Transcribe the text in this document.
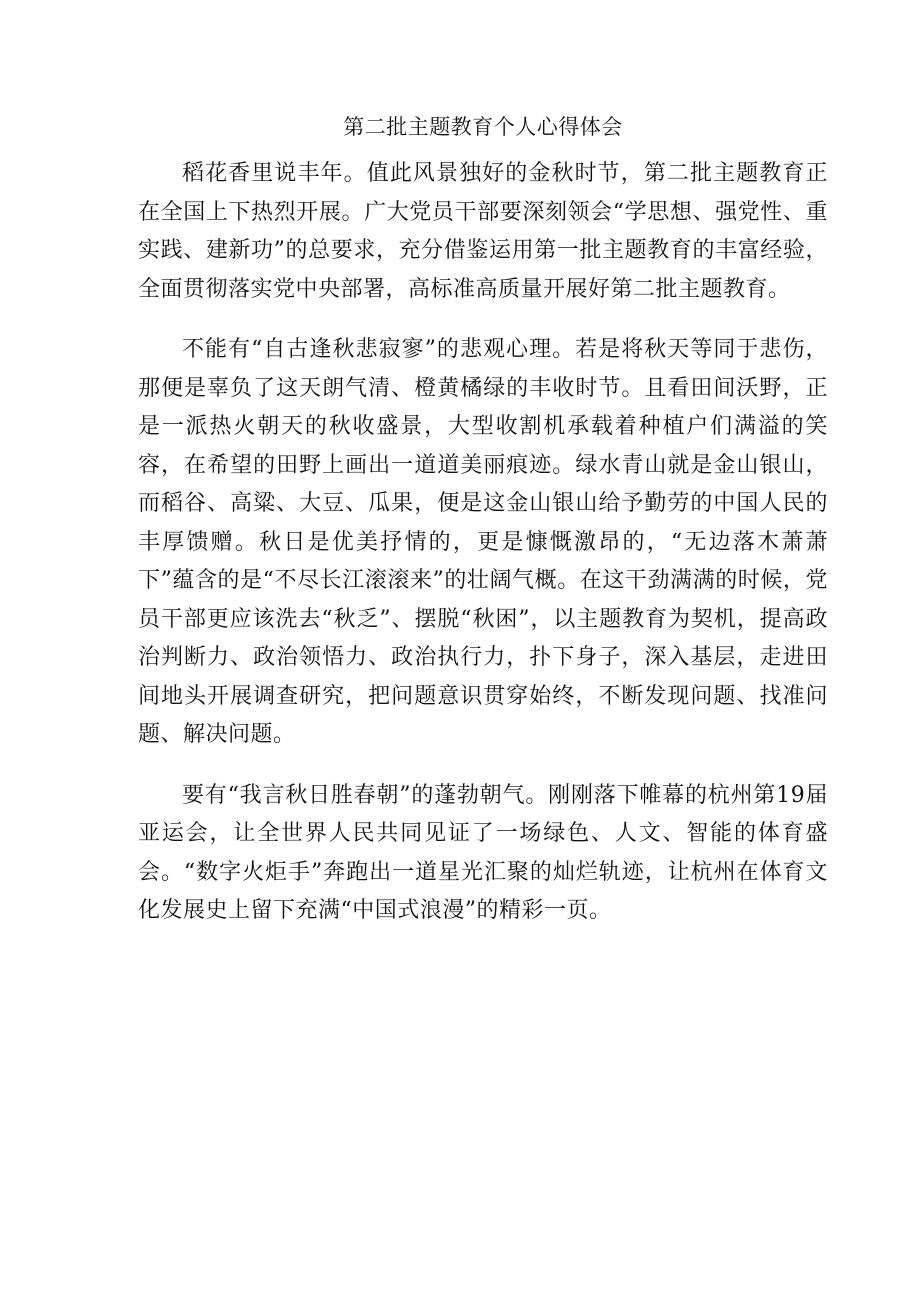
第二批主题教育个人心得体会

稻花香里说丰年。值此风景独好的金秋时节，第二批主题教育正在全国上下热烈开展。广大党员干部要深刻领会“学思想、强党性、重实践、建新功”的总要求，充分借鉴运用第一批主题教育的丰富经验，全面贯彻落实党中央部署，高标准高质量开展好第二批主题教育。

不能有“自古逢秋悲寂寥”的悲观心理。若是将秋天等同于悲伤，那便是辜负了这天朗气清、橙黄橘绿的丰收时节。且看田间沃野，正是一派热火朝天的秋收盛景，大型收割机承载着种植户们满溢的笑容，在希望的田野上画出一道道美丽痕迹。绿水青山就是金山银山，而稻谷、高粱、大豆、瓜果，便是这金山银山给予勤劳的中国人民的丰厚馈赠。秋日是优美抒情的，更是慷慨激昂的，“无边落木萧萧下”蕴含的是“不尽长江滚滚来”的壮阔气概。在这干劲满满的时候，党员干部更应该洗去“秋乏”、摆脱“秋困”，以主题教育为契机，提高政治判断力、政治领悟力、政治执行力，扑下身子，深入基层，走进田间地头开展调查研究，把问题意识贯穿始终，不断发现问题、找准问题、解决问题。

要有“我言秋日胜春朝”的蓬勃朝气。刚刚落下帷幕的杭州第19届亚运会，让全世界人民共同见证了一场绿色、人文、智能的体育盛会。“数字火炬手”奔跑出一道星光汇聚的灿烂轨迹，让杭州在体育文化发展史上留下充满“中国式浪漫”的精彩一页。
